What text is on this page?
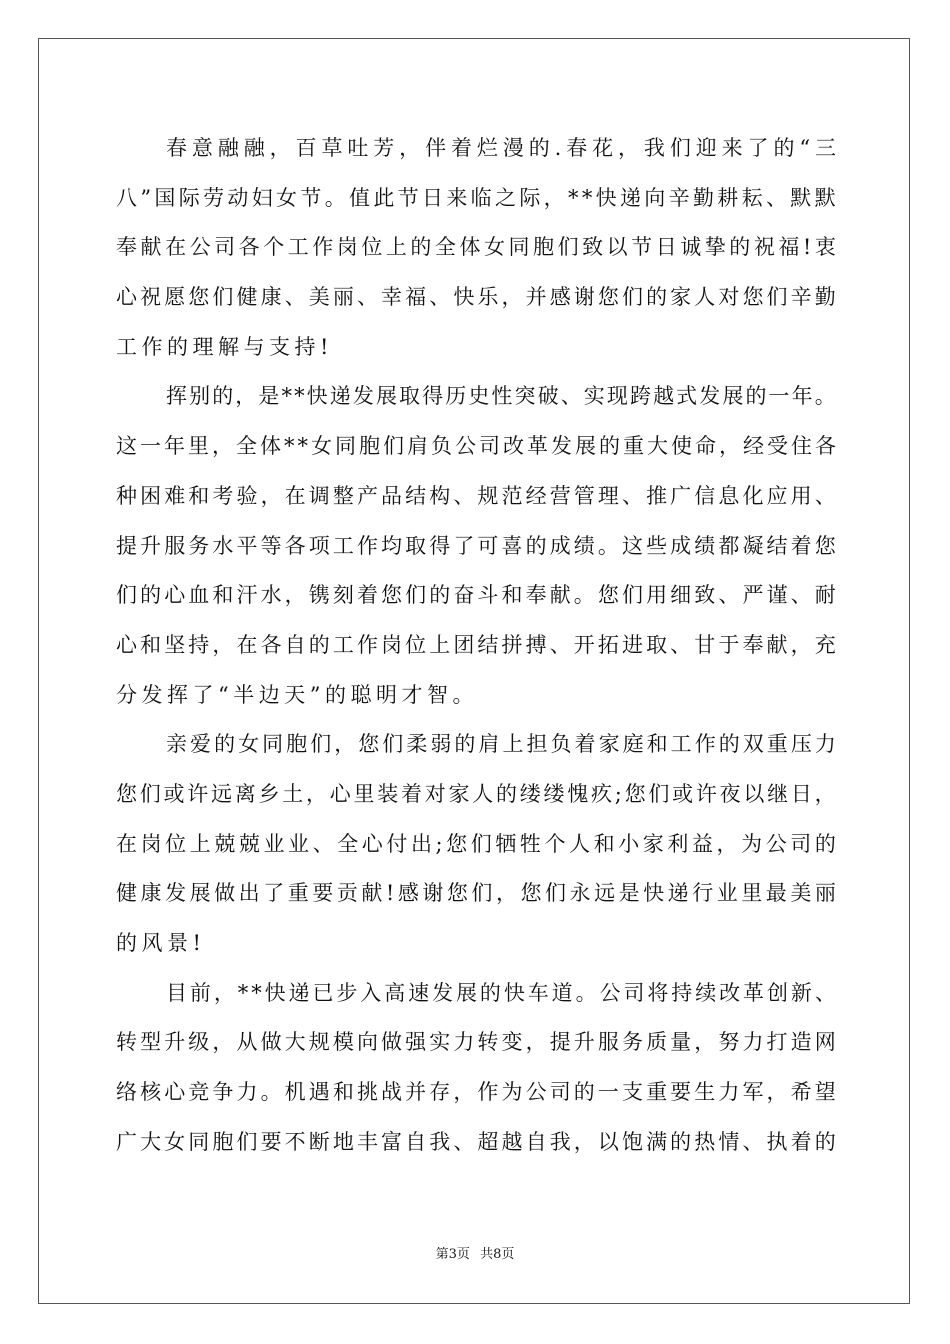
春 意 融 融 ， 百 草 吐 芳 ， 伴 着 烂 漫 的 . 春 花 ， 我 们 迎 来 了 的 “ 三
八 ” 国 际 劳 动 妇 女 节 。 值 此 节 日 来 临 之 际 ， * * 快 递 向 辛 勤 耕 耘 、 默 默
奉 献 在 公 司 各 个 工 作 岗 位 上 的 全 体 女 同 胞 们 致 以 节 日 诚 挚 的 祝 福 ! 衷
心 祝 愿 您 们 健 康 、 美 丽 、 幸 福 、 快 乐 ， 并 感 谢 您 们 的 家 人 对 您 们 辛 勤
工作的理解与支持!
挥 别 的 ， 是 * * 快 递 发 展 取 得 历 史 性 突 破 、 实 现 跨 越 式 发 展 的 一 年 。
这 一 年 里 ， 全 体 * * 女 同 胞 们 肩 负 公 司 改 革 发 展 的 重 大 使 命 ， 经 受 住 各
种 困 难 和 考 验 ， 在 调 整 产 品 结 构 、 规 范 经 营 管 理 、 推 广 信 息 化 应 用 、
提 升 服 务 水 平 等 各 项 工 作 均 取 得 了 可 喜 的 成 绩 。 这 些 成 绩 都 凝 结 着 您
们 的 心 血 和 汗 水 ， 镌 刻 着 您 们 的 奋 斗 和 奉 献 。 您 们 用 细 致 、 严 谨 、 耐
心 和 坚 持 ， 在 各 自 的 工 作 岗 位 上 团 结 拼 搏 、 开 拓 进 取 、 甘 于 奉 献 ， 充
分发挥了“半边天”的聪明才智。
亲 爱 的 女 同 胞 们 ， 您 们 柔 弱 的 肩 上 担 负 着 家 庭 和 工 作 的 双 重 压 力
您 们 或 许 远 离 乡 土 ， 心 里 装 着 对 家 人 的 缕 缕 愧 疚 ; 您 们 或 许 夜 以 继 日 ，
在 岗 位 上 兢 兢 业 业 、 全 心 付 出 ; 您 们 牺 牲 个 人 和 小 家 利 益 ， 为 公 司 的
健 康 发 展 做 出 了 重 要 贡 献 ! 感 谢 您 们 ， 您 们 永 远 是 快 递 行 业 里 最 美 丽
的风景!
目 前 ， * * 快 递 已 步 入 高 速 发 展 的 快 车 道 。 公 司 将 持 续 改 革 创 新 、
转 型 升 级 ， 从 做 大 规 模 向 做 强 实 力 转 变 ， 提 升 服 务 质 量 ， 努 力 打 造 网
络 核 心 竞 争 力 。 机 遇 和 挑 战 并 存 ， 作 为 公 司 的 一 支 重 要 生 力 军 ， 希 望
广 大 女 同 胞 们 要 不 断 地 丰 富 自 我 、 超 越 自 我 ， 以 饱 满 的 热 情 、 执 着 的
第3页 共8页
